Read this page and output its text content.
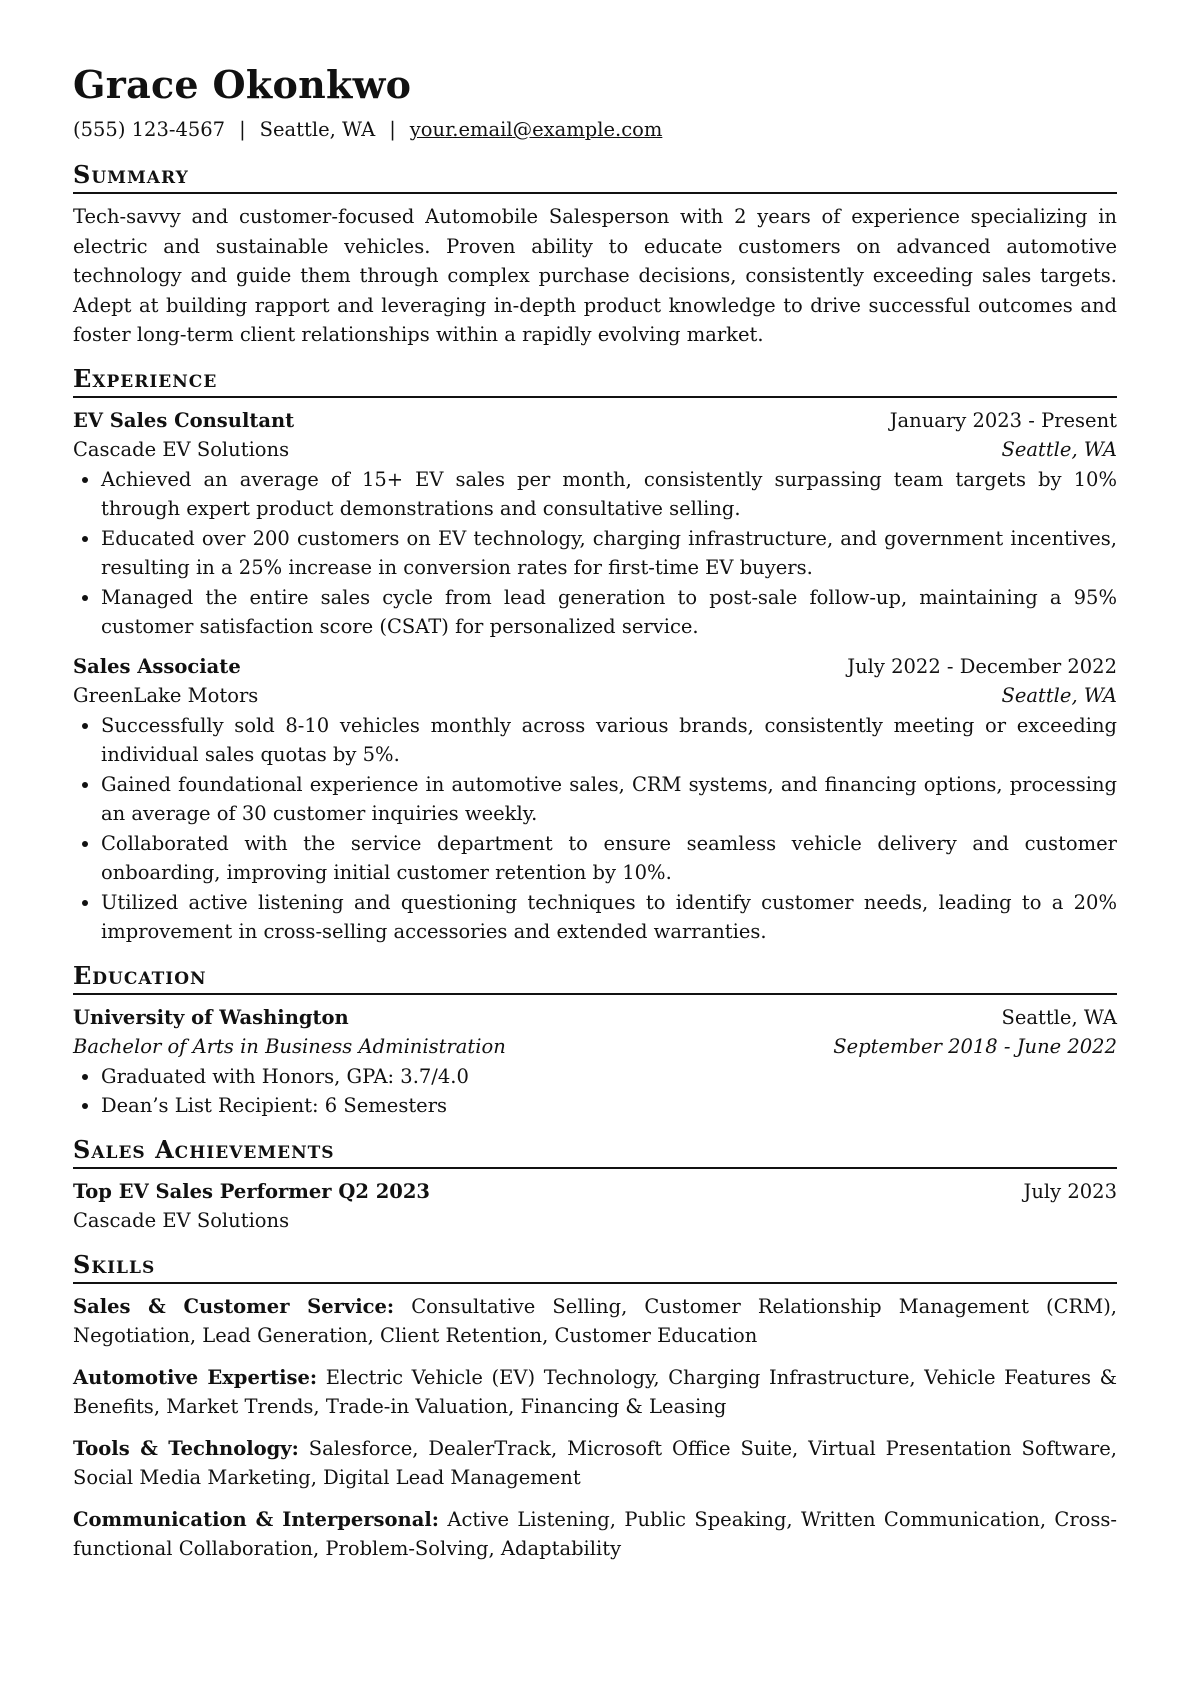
Grace Okonkwo
(555) 123-4567 | Seattle, WA | your.email@example.com
Summary

Tech-savvy and customer-focused Automobile Salesperson with 2 years of experience specializing in electric and sustainable vehicles. Proven ability to educate customers on advanced automotive technology and guide them through complex purchase decisions, consistently exceeding sales targets. Adept at building rapport and leveraging in-depth product knowledge to drive successful outcomes and foster long-term client relationships within a rapidly evolving market.

Experience
EV Sales Consultant	January 2023 - Present
Cascade EV Solutions	Seattle, WA
• Achieved an average of 15+ EV sales per month, consistently surpassing team targets by 10% through expert product demonstrations and consultative selling.
• Educated over 200 customers on EV technology, charging infrastructure, and government incentives, resulting in a 25% increase in conversion rates for first-time EV buyers.
• Managed the entire sales cycle from lead generation to post-sale follow-up, maintaining a 95% customer satisfaction score (CSAT) for personalized service.
Sales Associate	July 2022 - December 2022
GreenLake Motors	Seattle, WA
• Successfully sold 8-10 vehicles monthly across various brands, consistently meeting or exceeding individual sales quotas by 5%.
• Gained foundational experience in automotive sales, CRM systems, and financing options, processing an average of 30 customer inquiries weekly.
• Collaborated with the service department to ensure seamless vehicle delivery and customer onboarding, improving initial customer retention by 10%.
• Utilized active listening and questioning techniques to identify customer needs, leading to a 20% improvement in cross-selling accessories and extended warranties.
Education
University of Washington	Seattle, WA
Bachelor of Arts in Business Administration	September 2018 - June 2022
• Graduated with Honors, GPA: 3.7/4.0
• Dean’s List Recipient: 6 Semesters
Sales Achievements
Top EV Sales Performer Q2 2023	July 2023
Cascade EV Solutions
Skills

Sales & Customer Service: Consultative Selling, Customer Relationship Management (CRM), Negotiation, Lead Generation, Client Retention, Customer Education

Automotive Expertise: Electric Vehicle (EV) Technology, Charging Infrastructure, Vehicle Features & Benefits, Market Trends, Trade-in Valuation, Financing & Leasing

Tools & Technology: Salesforce, DealerTrack, Microsoft Office Suite, Virtual Presentation Software, Social Media Marketing, Digital Lead Management

Communication & Interpersonal: Active Listening, Public Speaking, Written Communication, Cross-functional Collaboration, Problem-Solving, Adaptability
